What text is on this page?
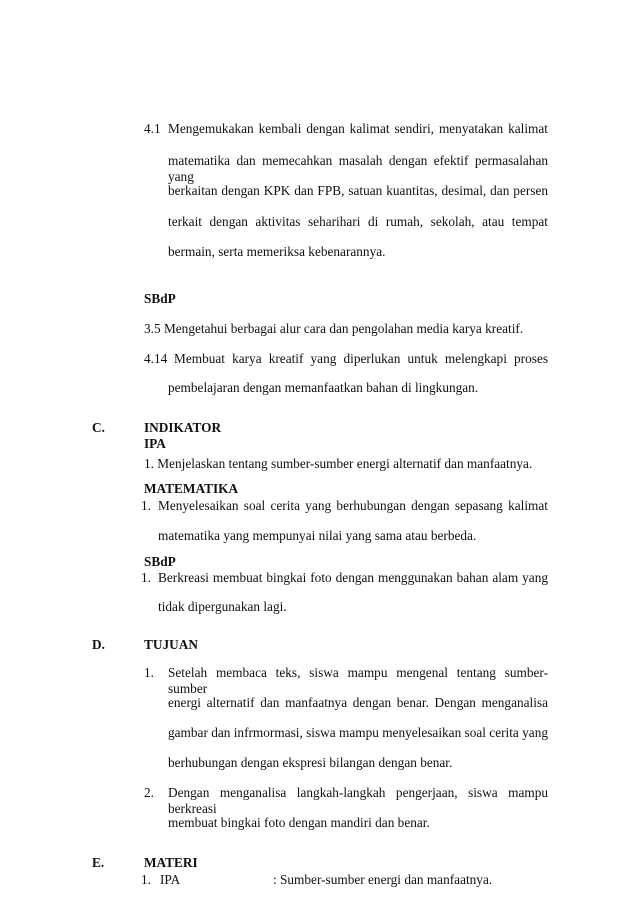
4.1 Mengemukakan kembali dengan kalimat sendiri, menyatakan kalimat
matematika dan memecahkan masalah dengan efektif permasalahan yang
berkaitan dengan KPK dan FPB, satuan kuantitas, desimal, dan persen
terkait dengan aktivitas seharihari di rumah, sekolah, atau tempat
bermain, serta memeriksa kebenarannya.
SBdP
3.5 Mengetahui berbagai alur cara dan pengolahan media karya kreatif.
4.14 Membuat karya kreatif yang diperlukan untuk melengkapi proses
pembelajaran dengan memanfaatkan bahan di lingkungan.
C.	INDIKATOR
IPA
1. Menjelaskan tentang sumber-sumber energi alternatif dan manfaatnya.
MATEMATIKA
1. Menyelesaikan soal cerita yang berhubungan dengan sepasang kalimat
matematika yang mempunyai nilai yang sama atau berbeda.
SBdP
1. Berkreasi membuat bingkai foto dengan menggunakan bahan alam yang
tidak dipergunakan lagi.
D.	TUJUAN
1. Setelah membaca teks, siswa mampu mengenal tentang sumber-sumber
energi alternatif dan manfaatnya dengan benar. Dengan menganalisa
gambar dan infrmormasi, siswa mampu menyelesaikan soal cerita yang
berhubungan dengan ekspresi bilangan dengan benar.
2. Dengan menganalisa langkah-langkah pengerjaan, siswa mampu berkreasi
membuat bingkai foto dengan mandiri dan benar.
E.	MATERI
1. IPA	: Sumber-sumber energi dan manfaatnya.
